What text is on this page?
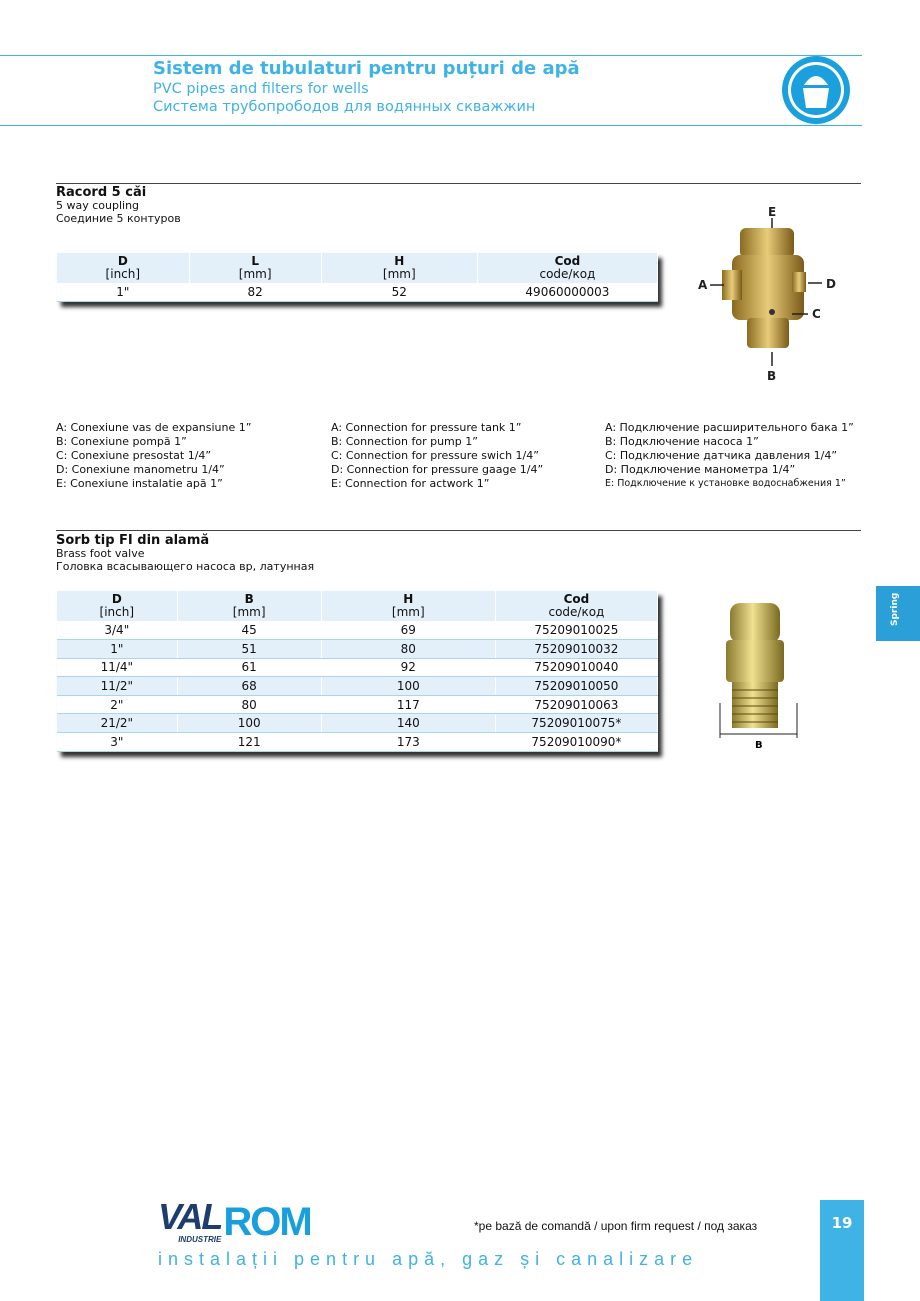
Sistem de tubulaturi pentru puțuri de apă
PVC pipes and filters for wells
Система трубопрободов для водянных скважжин
Racord 5 căi
5 way coupling
Соединие 5 контуров
D
[inch]	L
[mm]	H
[mm]	Cod
code/код
1"	82	52	49060000003
E
A	D
C
B
A: Conexiune vas de expansiune 1”
B: Conexiune pompă 1”
C: Conexiune presostat 1/4”
D: Conexiune manometru 1/4”
E: Conexiune instalatie apă 1”
A: Connection for pressure tank 1”
B: Connection for pump 1”
C: Connection for pressure swich 1/4”
D: Connection for pressure gaage 1/4”
E: Connection for actwork 1”
A: Подключение расширительного бака 1”
B: Подключение насоса 1”
C: Подключение датчика давления 1/4”
D: Подключение манометра 1/4”
E: Подключение к установке водоснабжения 1”
Sorb tip FI din alamă
Brass foot valve
Головка всасывающего насоса вр, латунная
D
[inch]	B
[mm]	H
[mm]	Cod
code/код
3/4"	45	69	75209010025
1"	51	80	75209010032
11/4"	61	92	75209010040
11/2"	68	100	75209010050
2"	80	117	75209010063
21/2"	100	140	75209010075*
3"	121	173	75209010090*	B
Spring
VAL
INDUSTRIE ROM
instalații pentru apă, gaz și canalizare
*pe bază de comandă / upon firm request / под заказ	19
